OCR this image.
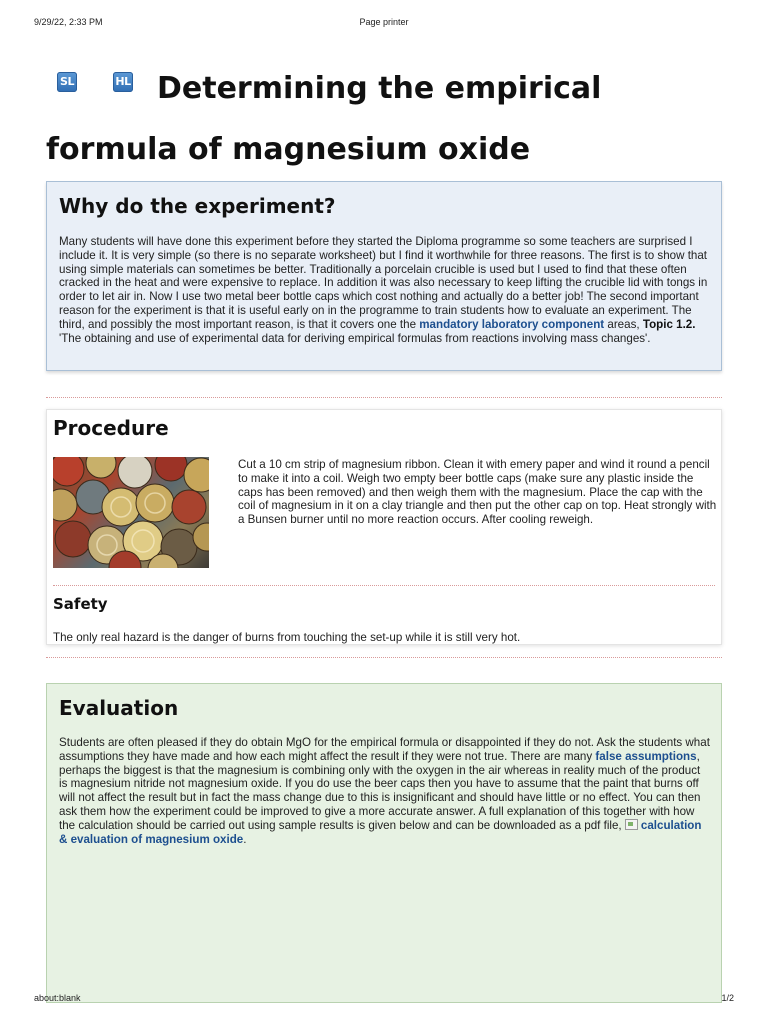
9/29/22, 2:33 PM	Page printer
SL	HL Determining the empirical formula of magnesium oxide
Why do the experiment?

Many students will have done this experiment before they started the Diploma programme so some teachers are surprised I include it. It is very simple (so there is no separate worksheet) but I find it worthwhile for three reasons. The first is to show that using simple materials can sometimes be better. Traditionally a porcelain crucible is used but I used to find that these often cracked in the heat and were expensive to replace. In addition it was also necessary to keep lifting the crucible lid with tongs in order to let air in. Now I use two metal beer bottle caps which cost nothing and actually do a better job! The second important reason for the experiment is that it is useful early on in the programme to train students how to evaluate an experiment. The third, and possibly the most important reason, is that it covers one the mandatory laboratory component areas, Topic 1.2. 'The obtaining and use of experimental data for deriving empirical formulas from reactions involving mass changes'.

Procedure

Cut a 10 cm strip of magnesium ribbon. Clean it with emery paper and wind it round a pencil to make it into a coil. Weigh two empty beer bottle caps (make sure any plastic inside the caps has been removed) and then weigh them with the magnesium. Place the cap with the coil of magnesium in it on a clay triangle and then put the other cap on top. Heat strongly with a Bunsen burner until no more reaction occurs. After cooling reweigh.

Safety

The only real hazard is the danger of burns from touching the set-up while it is still very hot.

Evaluation

Students are often pleased if they do obtain MgO for the empirical formula or disappointed if they do not. Ask the students what assumptions they have made and how each might affect the result if they were not true. There are many false assumptions, perhaps the biggest is that the magnesium is combining only with the oxygen in the air whereas in reality much of the product is magnesium nitride not magnesium oxide. If you do use the beer caps then you have to assume that the paint that burns off will not affect the result but in fact the mass change due to this is insignificant and should have little or no effect. You can then ask them how the experiment could be improved to give a more accurate answer. A full explanation of this together with how the calculation should be carried out using sample results is given below and can be downloaded as a pdf file, calculation & evaluation of magnesium oxide.

about:blank	1/2
